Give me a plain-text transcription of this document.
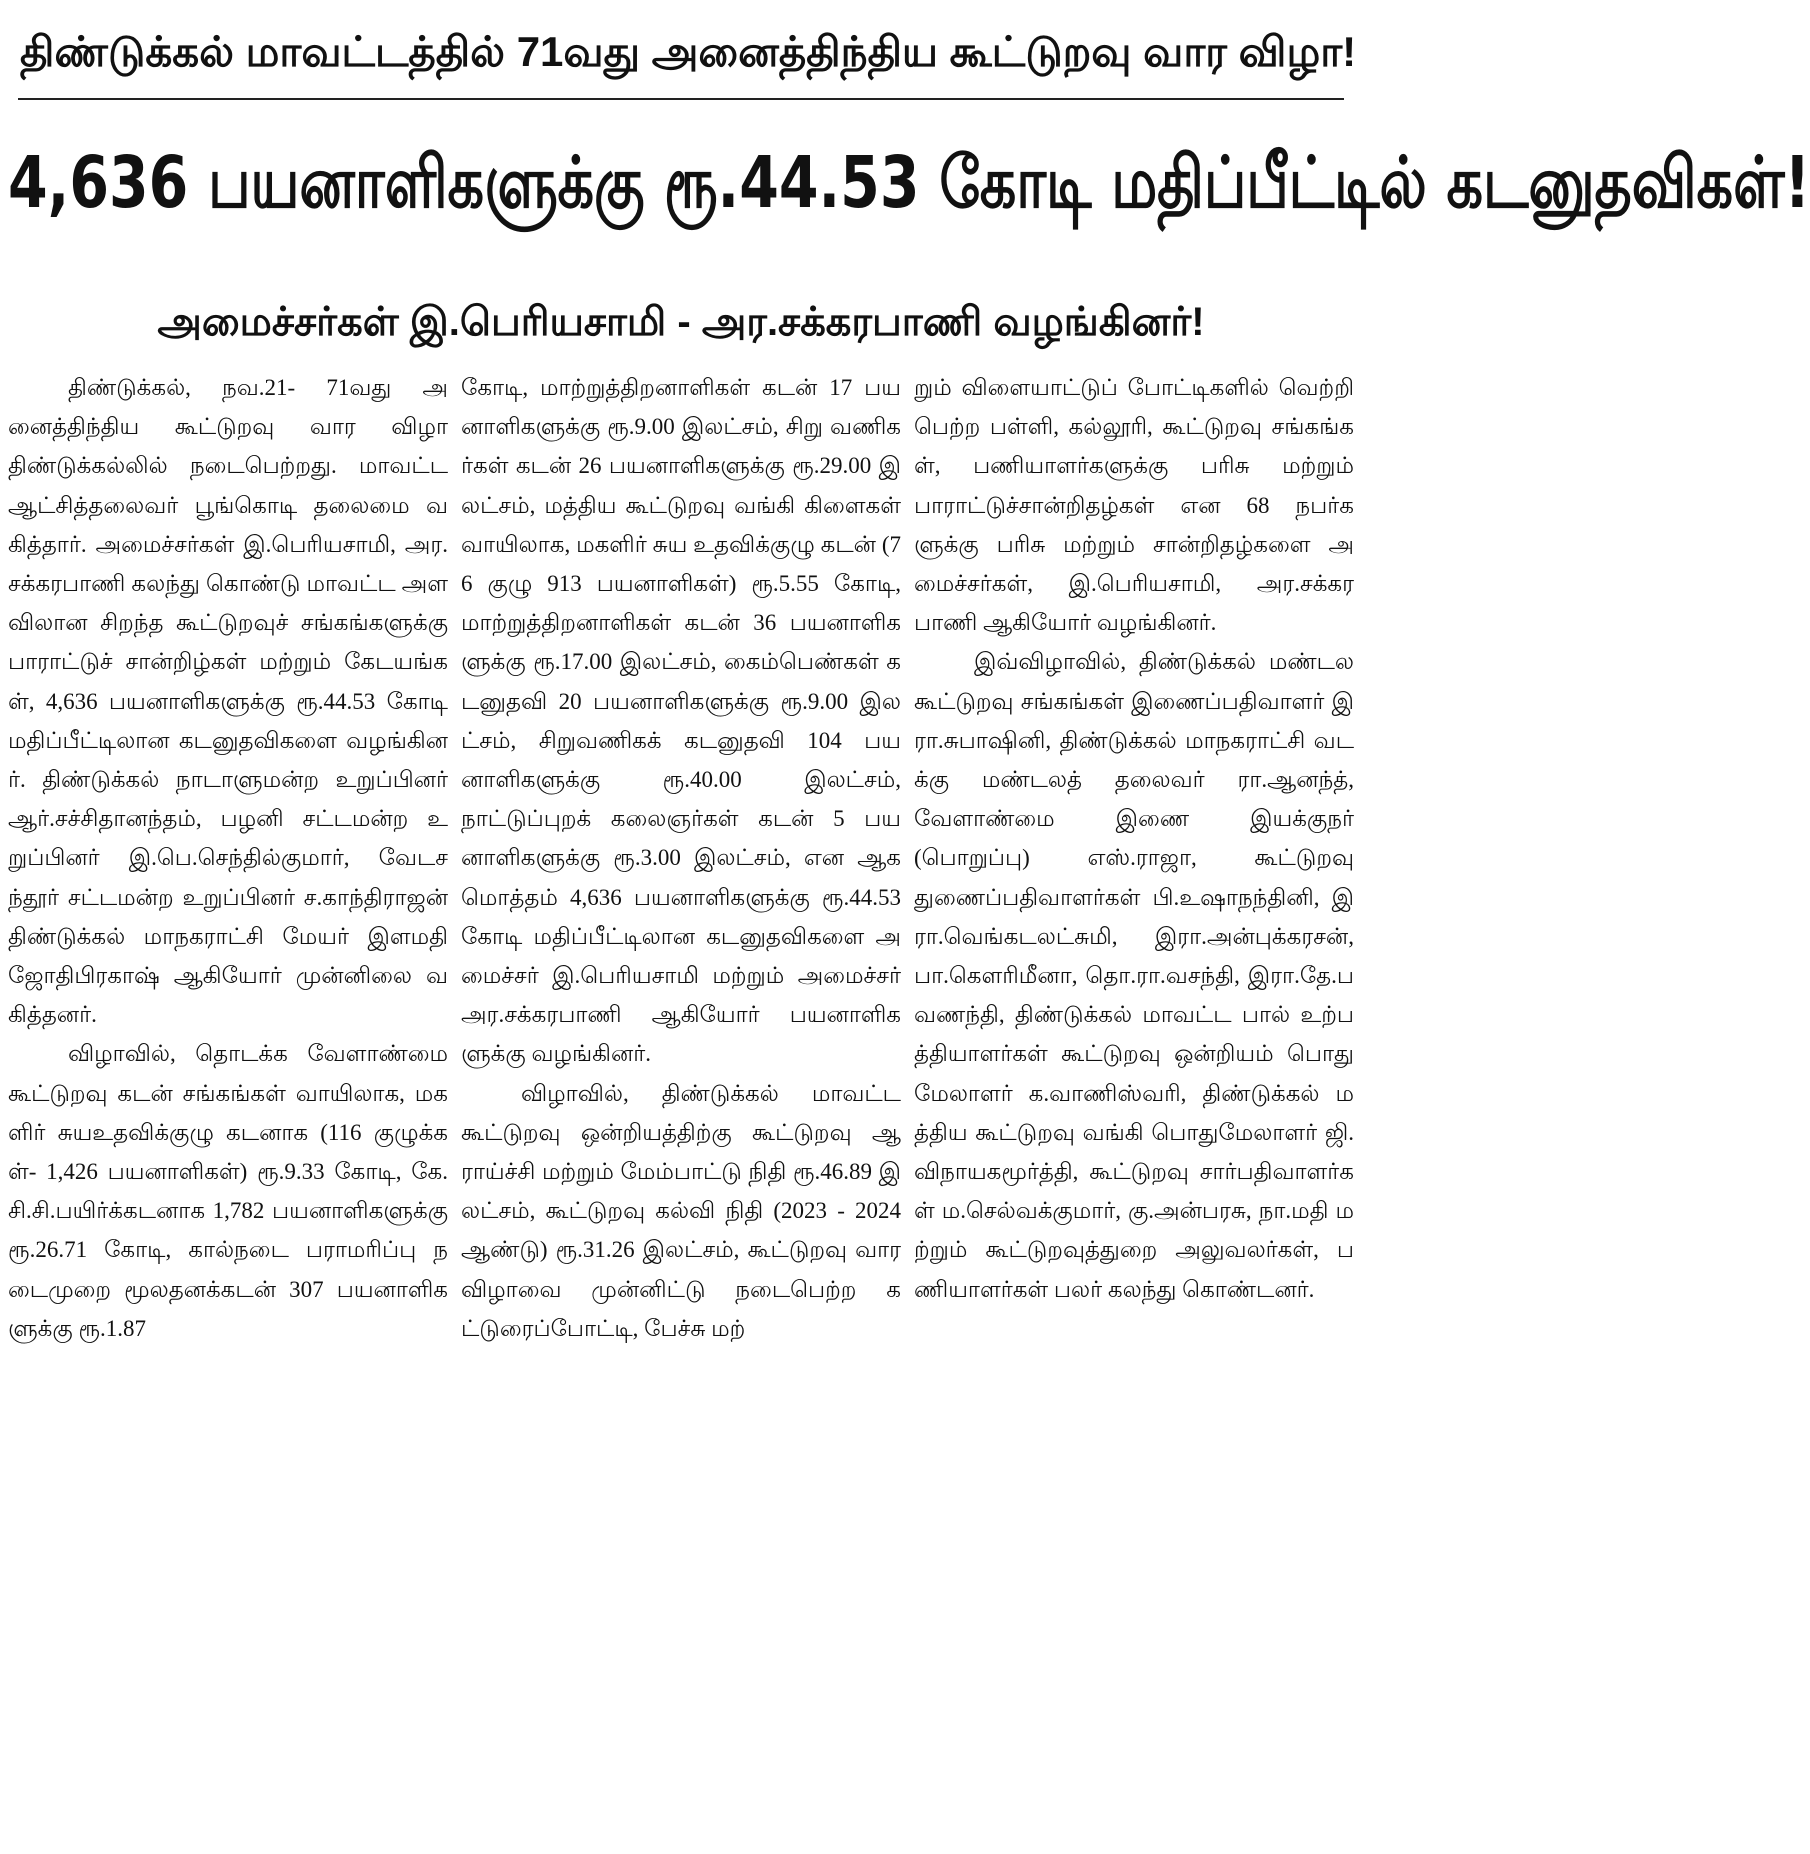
திண்டுக்கல் மாவட்டத்தில் 71வது அனைத்திந்திய கூட்டுறவு வார விழா!
4,636 பயனாளிகளுக்கு ரூ.44.53 கோடி மதிப்பீட்டில் கடனுதவிகள்!
அமைச்சர்கள் இ.பெரியசாமி - அர.சக்கரபாணி வழங்கினர்!

திண்டுக்கல், நவ.21- 71வது அனைத்திந்திய கூட்டுறவு வார விழா திண்டுக்கல்லில் நடைபெற்றது. மாவட்ட ஆட்சித்தலைவர் பூங்கொடி தலைமை வகித்தார். அமைச்சர்கள் இ.பெரியசாமி, அர.சக்கரபாணி கலந்து கொண்டு மாவட்ட அளவிலான சிறந்த கூட்டுறவுச் சங்கங்களுக்கு பாராட்டுச் சான்றிழ்கள் மற்றும் கேடயங்கள், 4,636 பயனாளிகளுக்கு ரூ.44.53 கோடி மதிப்பீட்டிலான கடனுதவிகளை வழங்கினர். திண்டுக்கல் நாடாளுமன்ற உறுப்பினர் ஆர்.சச்சிதானந்தம், பழனி சட்டமன்ற உறுப்பினர் இ.பெ.செந்தில்குமார், வேடசந்தூர் சட்டமன்ற உறுப்பினர் ச.காந்திராஜன் திண்டுக்கல் மாநகராட்சி மேயர் இளமதி ஜோதிபிரகாஷ் ஆகியோர் முன்னிலை வகித்தனர்.

விழாவில், தொடக்க வேளாண்மை கூட்டுறவு கடன் சங்கங்கள் வாயிலாக, மகளிர் சுயஉதவிக்குழு கடனாக (116 குழுக்கள்- 1,426 பயனாளிகள்) ரூ.9.33 கோடி, கே.சி.சி.பயிர்க்கடனாக 1,782 பயனாளிகளுக்கு ரூ.26.71 கோடி, கால்நடை பராமரிப்பு நடைமுறை மூலதனக்கடன் 307 பயனாளிகளுக்கு ரூ.1.87

கோடி, மாற்றுத்திறனாளிகள் கடன் 17 பயனாளிகளுக்கு ரூ.9.00 இலட்சம், சிறு வணிகர்கள் கடன் 26 பயனாளிகளுக்கு ரூ.29.00 இலட்சம், மத்திய கூட்டுறவு வங்கி கிளைகள் வாயிலாக, மகளிர் சுய உதவிக்குழு கடன் (76 குழு 913 பயனாளிகள்) ரூ.5.55 கோடி, மாற்றுத்திறனாளிகள் கடன் 36 பயனாளிகளுக்கு ரூ.17.00 இலட்சம், கைம்பெண்கள் கடனுதவி 20 பயனாளிகளுக்கு ரூ.9.00 இலட்சம், சிறுவணிகக் கடனுதவி 104 பயனாளிகளுக்கு ரூ.40.00 இலட்சம், நாட்டுப்புறக் கலைஞர்கள் கடன் 5 பயனாளிகளுக்கு ரூ.3.00 இலட்சம், என ஆக மொத்தம் 4,636 பயனாளிகளுக்கு ரூ.44.53 கோடி மதிப்பீட்டிலான கடனுதவிகளை அமைச்சர் இ.பெரியசாமி மற்றும் அமைச்சர் அர.சக்கரபாணி ஆகியோர் பயனாளிகளுக்கு வழங்கினர்.

விழாவில், திண்டுக்கல் மாவட்ட கூட்டுறவு ஒன்றியத்திற்கு கூட்டுறவு ஆராய்ச்சி மற்றும் மேம்பாட்டு நிதி ரூ.46.89 இலட்சம், கூட்டுறவு கல்வி நிதி (2023 - 2024 ஆண்டு) ரூ.31.26 இலட்சம், கூட்டுறவு வாரவிழாவை முன்னிட்டு நடைபெற்ற கட்டுரைப்போட்டி, பேச்சு மற்

றும் விளையாட்டுப் போட்டிகளில் வெற்றி பெற்ற பள்ளி, கல்லூரி, கூட்டுறவு சங்கங்கள், பணியாளர்களுக்கு பரிசு மற்றும் பாராட்டுச்சான்றிதழ்கள் என 68 நபர்களுக்கு பரிசு மற்றும் சான்றிதழ்களை அமைச்சர்கள், இ.பெரியசாமி, அர.சக்கரபாணி ஆகியோர் வழங்கினர்.

இவ்விழாவில், திண்டுக்கல் மண்டல கூட்டுறவு சங்கங்கள் இணைப்பதிவாளர் இரா.சுபாஷினி, திண்டுக்கல் மாநகராட்சி வடக்கு மண்டலத் தலைவர் ரா.ஆனந்த், வேளாண்மை இணை இயக்குநர் (பொறுப்பு) எஸ்.ராஜா, கூட்டுறவு துணைப்பதிவாளர்கள் பி.உஷாநந்தினி, இரா.வெங்கடலட்சுமி, இரா.அன்புக்கரசன், பா.கௌரிமீனா, தொ.ரா.வசந்தி, இரா.தே.பவணந்தி, திண்டுக்கல் மாவட்ட பால் உற்பத்தியாளர்கள் கூட்டுறவு ஒன்றியம் பொது மேலாளர் க.வாணிஸ்வரி, திண்டுக்கல் மத்திய கூட்டுறவு வங்கி பொதுமேலாளர் ஜி.விநாயகமூர்த்தி, கூட்டுறவு சார்பதிவாளர்கள் ம.செல்வக்குமார், கு.அன்பரசு, நா.மதி மற்றும் கூட்டுறவுத்துறை அலுவலர்கள், பணியாளர்கள் பலர் கலந்து கொண்டனர்.
